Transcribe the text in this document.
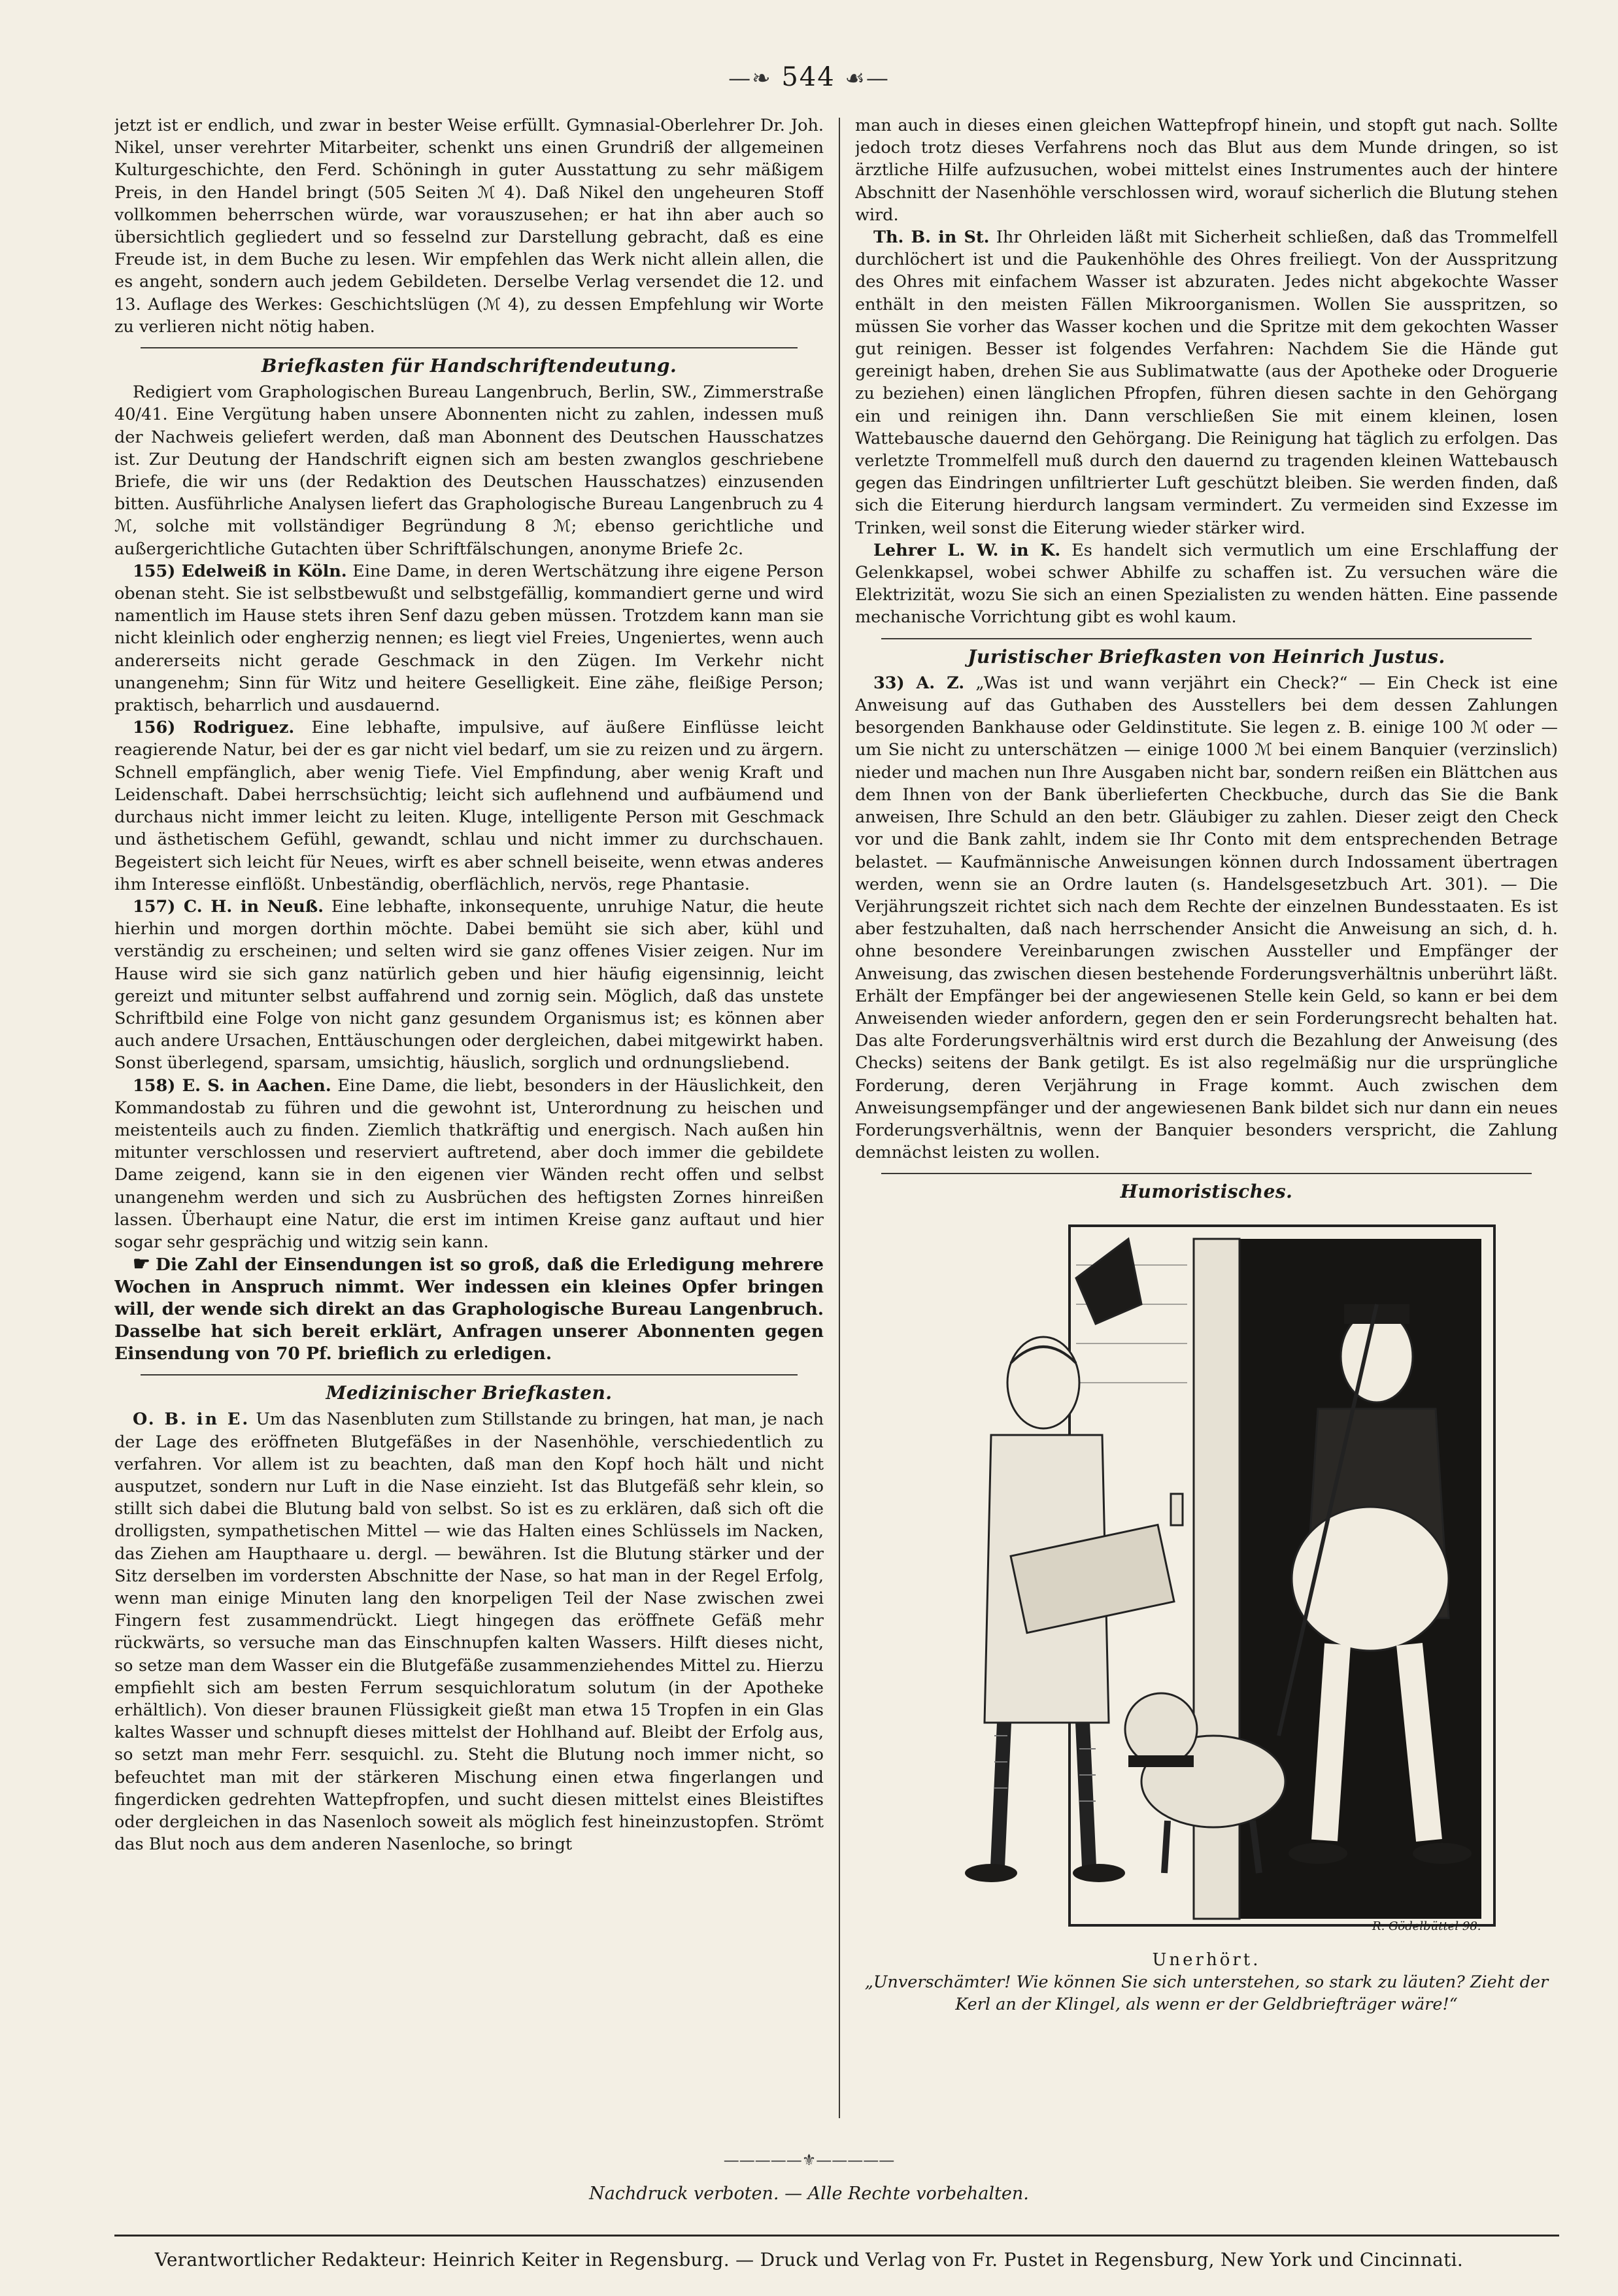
—❧ 544 ☙—

jetzt ist er endlich, und zwar in bester Weise erfüllt. Gymnasial-Oberlehrer Dr. Joh. Nikel, unser verehrter Mitarbeiter, schenkt uns einen Grundriß der allgemeinen Kulturgeschichte, den Ferd. Schöningh in guter Ausstattung zu sehr mäßigem Preis, in den Handel bringt (505 Seiten ℳ 4). Daß Nikel den ungeheuren Stoff vollkommen beherrschen würde, war vorauszusehen; er hat ihn aber auch so übersichtlich gegliedert und so fesselnd zur Darstellung gebracht, daß es eine Freude ist, in dem Buche zu lesen. Wir empfehlen das Werk nicht allein allen, die es angeht, sondern auch jedem Gebildeten. Derselbe Verlag versendet die 12. und 13. Auflage des Werkes: Geschichtslügen (ℳ 4), zu dessen Empfehlung wir Worte zu verlieren nicht nötig haben.

Briefkasten für Handschriftendeutung.

Redigiert vom Graphologischen Bureau Langenbruch, Berlin, SW., Zimmerstraße 40/41. Eine Vergütung haben unsere Abonnenten nicht zu zahlen, indessen muß der Nachweis geliefert werden, daß man Abonnent des Deutschen Hausschatzes ist. Zur Deutung der Handschrift eignen sich am besten zwanglos geschriebene Briefe, die wir uns (der Redaktion des Deutschen Hausschatzes) einzusenden bitten. Ausführliche Analysen liefert das Graphologische Bureau Langenbruch zu 4 ℳ, solche mit vollständiger Begründung 8 ℳ; ebenso gerichtliche und außergerichtliche Gutachten über Schriftfälschungen, anonyme Briefe 2c.

155) Edelweiß in Köln. Eine Dame, in deren Wertschätzung ihre eigene Person obenan steht. Sie ist selbstbewußt und selbstgefällig, kommandiert gerne und wird namentlich im Hause stets ihren Senf dazu geben müssen. Trotzdem kann man sie nicht kleinlich oder engherzig nennen; es liegt viel Freies, Ungeniertes, wenn auch andererseits nicht gerade Geschmack in den Zügen. Im Verkehr nicht unangenehm; Sinn für Witz und heitere Geselligkeit. Eine zähe, fleißige Person; praktisch, beharrlich und ausdauernd.

156) Rodriguez. Eine lebhafte, impulsive, auf äußere Einflüsse leicht reagierende Natur, bei der es gar nicht viel bedarf, um sie zu reizen und zu ärgern. Schnell empfänglich, aber wenig Tiefe. Viel Empfindung, aber wenig Kraft und Leidenschaft. Dabei herrschsüchtig; leicht sich auflehnend und aufbäumend und durchaus nicht immer leicht zu leiten. Kluge, intelligente Person mit Geschmack und ästhetischem Gefühl, gewandt, schlau und nicht immer zu durchschauen. Begeistert sich leicht für Neues, wirft es aber schnell beiseite, wenn etwas anderes ihm Interesse einflößt. Unbeständig, oberflächlich, nervös, rege Phantasie.

157) C. H. in Neuß. Eine lebhafte, inkonsequente, unruhige Natur, die heute hierhin und morgen dorthin möchte. Dabei bemüht sie sich aber, kühl und verständig zu erscheinen; und selten wird sie ganz offenes Visier zeigen. Nur im Hause wird sie sich ganz natürlich geben und hier häufig eigensinnig, leicht gereizt und mitunter selbst auffahrend und zornig sein. Möglich, daß das unstete Schriftbild eine Folge von nicht ganz gesundem Organismus ist; es können aber auch andere Ursachen, Enttäuschungen oder dergleichen, dabei mitgewirkt haben. Sonst überlegend, sparsam, umsichtig, häuslich, sorglich und ordnungsliebend.

158) E. S. in Aachen. Eine Dame, die liebt, besonders in der Häuslichkeit, den Kommandostab zu führen und die gewohnt ist, Unterordnung zu heischen und meistenteils auch zu finden. Ziemlich thatkräftig und energisch. Nach außen hin mitunter verschlossen und reserviert auftretend, aber doch immer die gebildete Dame zeigend, kann sie in den eigenen vier Wänden recht offen und selbst unangenehm werden und sich zu Ausbrüchen des heftigsten Zornes hinreißen lassen. Überhaupt eine Natur, die erst im intimen Kreise ganz auftaut und hier sogar sehr gesprächig und witzig sein kann.

☛ Die Zahl der Einsendungen ist so groß, daß die Erledigung mehrere Wochen in Anspruch nimmt. Wer indessen ein kleines Opfer bringen will, der wende sich direkt an das Graphologische Bureau Langenbruch. Dasselbe hat sich bereit erklärt, Anfragen unserer Abonnenten gegen Einsendung von 70 Pf. brieflich zu erledigen.

Medizinischer Briefkasten.

O. B. in E. Um das Nasenbluten zum Stillstande zu bringen, hat man, je nach der Lage des eröffneten Blutgefäßes in der Nasenhöhle, verschiedentlich zu verfahren. Vor allem ist zu beachten, daß man den Kopf hoch hält und nicht ausputzet, sondern nur Luft in die Nase einzieht. Ist das Blutgefäß sehr klein, so stillt sich dabei die Blutung bald von selbst. So ist es zu erklären, daß sich oft die drolligsten, sympathetischen Mittel — wie das Halten eines Schlüssels im Nacken, das Ziehen am Haupthaare u. dergl. — bewähren. Ist die Blutung stärker und der Sitz derselben im vordersten Abschnitte der Nase, so hat man in der Regel Erfolg, wenn man einige Minuten lang den knorpeligen Teil der Nase zwischen zwei Fingern fest zusammendrückt. Liegt hingegen das eröffnete Gefäß mehr rückwärts, so versuche man das Einschnupfen kalten Wassers. Hilft dieses nicht, so setze man dem Wasser ein die Blutgefäße zusammenziehendes Mittel zu. Hierzu empfiehlt sich am besten Ferrum sesquichloratum solutum (in der Apotheke erhältlich). Von dieser braunen Flüssigkeit gießt man etwa 15 Tropfen in ein Glas kaltes Wasser und schnupft dieses mittelst der Hohlhand auf. Bleibt der Erfolg aus, so setzt man mehr Ferr. sesquichl. zu. Steht die Blutung noch immer nicht, so befeuchtet man mit der stärkeren Mischung einen etwa fingerlangen und fingerdicken gedrehten Wattepfropfen, und sucht diesen mittelst eines Bleistiftes oder dergleichen in das Nasenloch soweit als möglich fest hineinzustopfen. Strömt das Blut noch aus dem anderen Nasenloche, so bringt

man auch in dieses einen gleichen Wattepfropf hinein, und stopft gut nach. Sollte jedoch trotz dieses Verfahrens noch das Blut aus dem Munde dringen, so ist ärztliche Hilfe aufzusuchen, wobei mittelst eines Instrumentes auch der hintere Abschnitt der Nasenhöhle verschlossen wird, worauf sicherlich die Blutung stehen wird.

Th. B. in St. Ihr Ohrleiden läßt mit Sicherheit schließen, daß das Trommelfell durchlöchert ist und die Paukenhöhle des Ohres freiliegt. Von der Ausspritzung des Ohres mit einfachem Wasser ist abzuraten. Jedes nicht abgekochte Wasser enthält in den meisten Fällen Mikroorganismen. Wollen Sie ausspritzen, so müssen Sie vorher das Wasser kochen und die Spritze mit dem gekochten Wasser gut reinigen. Besser ist folgendes Verfahren: Nachdem Sie die Hände gut gereinigt haben, drehen Sie aus Sublimatwatte (aus der Apotheke oder Droguerie zu beziehen) einen länglichen Pfropfen, führen diesen sachte in den Gehörgang ein und reinigen ihn. Dann verschließen Sie mit einem kleinen, losen Wattebausche dauernd den Gehörgang. Die Reinigung hat täglich zu erfolgen. Das verletzte Trommelfell muß durch den dauernd zu tragenden kleinen Wattebausch gegen das Eindringen unfiltrierter Luft geschützt bleiben. Sie werden finden, daß sich die Eiterung hierdurch langsam vermindert. Zu vermeiden sind Exzesse im Trinken, weil sonst die Eiterung wieder stärker wird.

Lehrer L. W. in K. Es handelt sich vermutlich um eine Erschlaffung der Gelenkkapsel, wobei schwer Abhilfe zu schaffen ist. Zu versuchen wäre die Elektrizität, wozu Sie sich an einen Spezialisten zu wenden hätten. Eine passende mechanische Vorrichtung gibt es wohl kaum.

Juristischer Briefkasten von Heinrich Justus.

33) A. Z. „Was ist und wann verjährt ein Check?“ — Ein Check ist eine Anweisung auf das Guthaben des Ausstellers bei dem dessen Zahlungen besorgenden Bankhause oder Geldinstitute. Sie legen z. B. einige 100 ℳ oder — um Sie nicht zu unterschätzen — einige 1000 ℳ bei einem Banquier (verzinslich) nieder und machen nun Ihre Ausgaben nicht bar, sondern reißen ein Blättchen aus dem Ihnen von der Bank überlieferten Checkbuche, durch das Sie die Bank anweisen, Ihre Schuld an den betr. Gläubiger zu zahlen. Dieser zeigt den Check vor und die Bank zahlt, indem sie Ihr Conto mit dem entsprechenden Betrage belastet. — Kaufmännische Anweisungen können durch Indossament übertragen werden, wenn sie an Ordre lauten (s. Handelsgesetzbuch Art. 301). — Die Verjährungszeit richtet sich nach dem Rechte der einzelnen Bundesstaaten. Es ist aber festzuhalten, daß nach herrschender Ansicht die Anweisung an sich, d. h. ohne besondere Vereinbarungen zwischen Aussteller und Empfänger der Anweisung, das zwischen diesen bestehende Forderungsverhältnis unberührt läßt. Erhält der Empfänger bei der angewiesenen Stelle kein Geld, so kann er bei dem Anweisenden wieder anfordern, gegen den er sein Forderungsrecht behalten hat. Das alte Forderungsverhältnis wird erst durch die Bezahlung der Anweisung (des Checks) seitens der Bank getilgt. Es ist also regelmäßig nur die ursprüngliche Forderung, deren Verjährung in Frage kommt. Auch zwischen dem Anweisungsempfänger und der angewiesenen Bank bildet sich nur dann ein neues Forderungsverhältnis, wenn der Banquier besonders verspricht, die Zahlung demnächst leisten zu wollen.

Humoristisches.
R. Gödelbüttel 98.
Unerhört.
„Unverschämter! Wie können Sie sich unterstehen, so stark zu läuten? Zieht der Kerl an der Klingel, als wenn er der Geldbriefträger wäre!“
—————⚜—————
Nachdruck verboten. — Alle Rechte vorbehalten.
Verantwortlicher Redakteur: Heinrich Keiter in Regensburg. — Druck und Verlag von Fr. Pustet in Regensburg, New York und Cincinnati.
